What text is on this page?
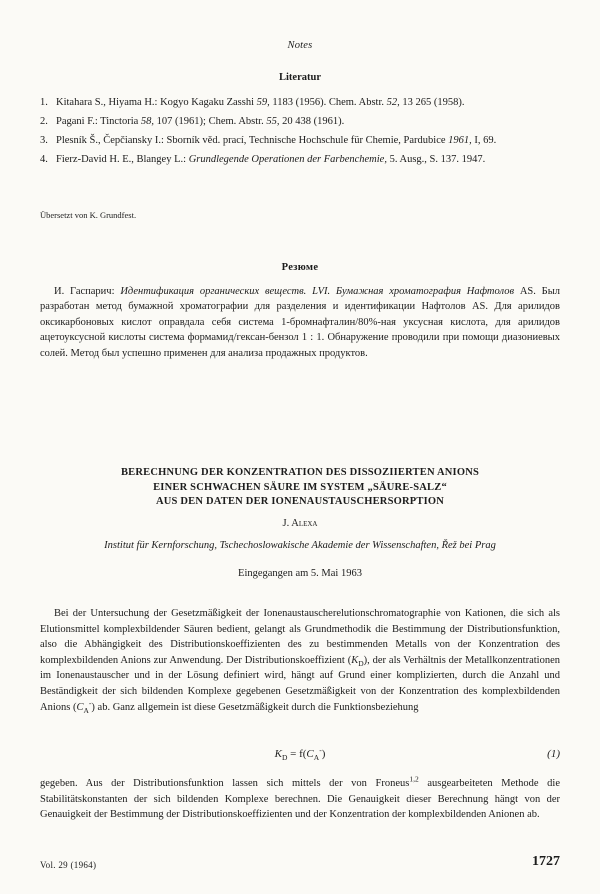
Notes
Literatur
1. Kitahara S., Hiyama H.: Kogyo Kagaku Zasshi 59, 1183 (1956). Chem. Abstr. 52, 13 265 (1958).
2. Pagani F.: Tinctoria 58, 107 (1961); Chem. Abstr. 55, 20 438 (1961).
3. Plesník Š., Čepčiansky I.: Sborník věd. prací, Technische Hochschule für Chemie, Pardubice 1961, I, 69.
4. Fierz-David H. E., Blangey L.: Grundlegende Operationen der Farbenchemie, 5. Ausg., S. 137. 1947.
Übersetzt von K. Grundfest.
Резюме

И. Гаспарич: Идентификация органических веществ. LVI. Бумажная хроматография Нафтолов AS. Был разработан метод бумажной хроматографии для разделения и идентификации Нафтолов AS. Для арилидов оксикарбоновых кислот оправдала себя система 1-бромнафталин/80%-ная уксусная кислота, для арилидов ацетоуксусной кислоты система формамид/гексан-бензол 1 : 1. Обнаружение проводили при помощи диазониевых солей. Метод был успешно применен для анализа продажных продуктов.

BERECHNUNG DER KONZENTRATION DES DISSOZIIERTEN ANIONS
EINER SCHWACHEN SÄURE IM SYSTEM „SÄURE-SALZ“
AUS DEN DATEN DER IONENAUSTAUSCHERSORPTION
J. Alexa
Institut für Kernforschung, Tschechoslowakische Akademie der Wissenschaften, Řež bei Prag
Eingegangen am 5. Mai 1963

Bei der Untersuchung der Gesetzmäßigkeit der Ionenaustauscherelutionschromatographie von Kationen, die sich als Elutionsmittel komplexbildender Säuren bedient, gelangt als Grundmethodik die Bestimmung der Distributionsfunktion, also die Abhängigkeit des Distributionskoeffizienten des zu bestimmenden Metalls von der Konzentration des komplexbildenden Anions zur Anwendung. Der Distributionskoeffizient $(K_D)$, der als Verhältnis der Metallkonzentrationen im Ionenaustauscher und in der Lösung definiert wird, hängt auf Grund einer komplizierten, durch die Anzahl und Beständigkeit der sich bildenden Komplexe gegebenen Gesetzmäßigkeit von der Konzentration des komplexbildenden Anions $(C_A^-)$ ab. Ganz allgemein ist diese Gesetzmäßigkeit durch die Funktionsbeziehung

$K_D = f(C_A^-)$	(1)

gegeben. Aus der Distributionsfunktion lassen sich mittels der von Froneus$^{1,2}$ ausgearbeiteten Methode die Stabilitätskonstanten der sich bildenden Komplexe berechnen. Die Genauigkeit dieser Berechnung hängt von der Genauigkeit der Bestimmung der Distributionskoeffizienten und der Konzentration der komplexbildenden Anionen ab.

Vol. 29 (1964)	1727
